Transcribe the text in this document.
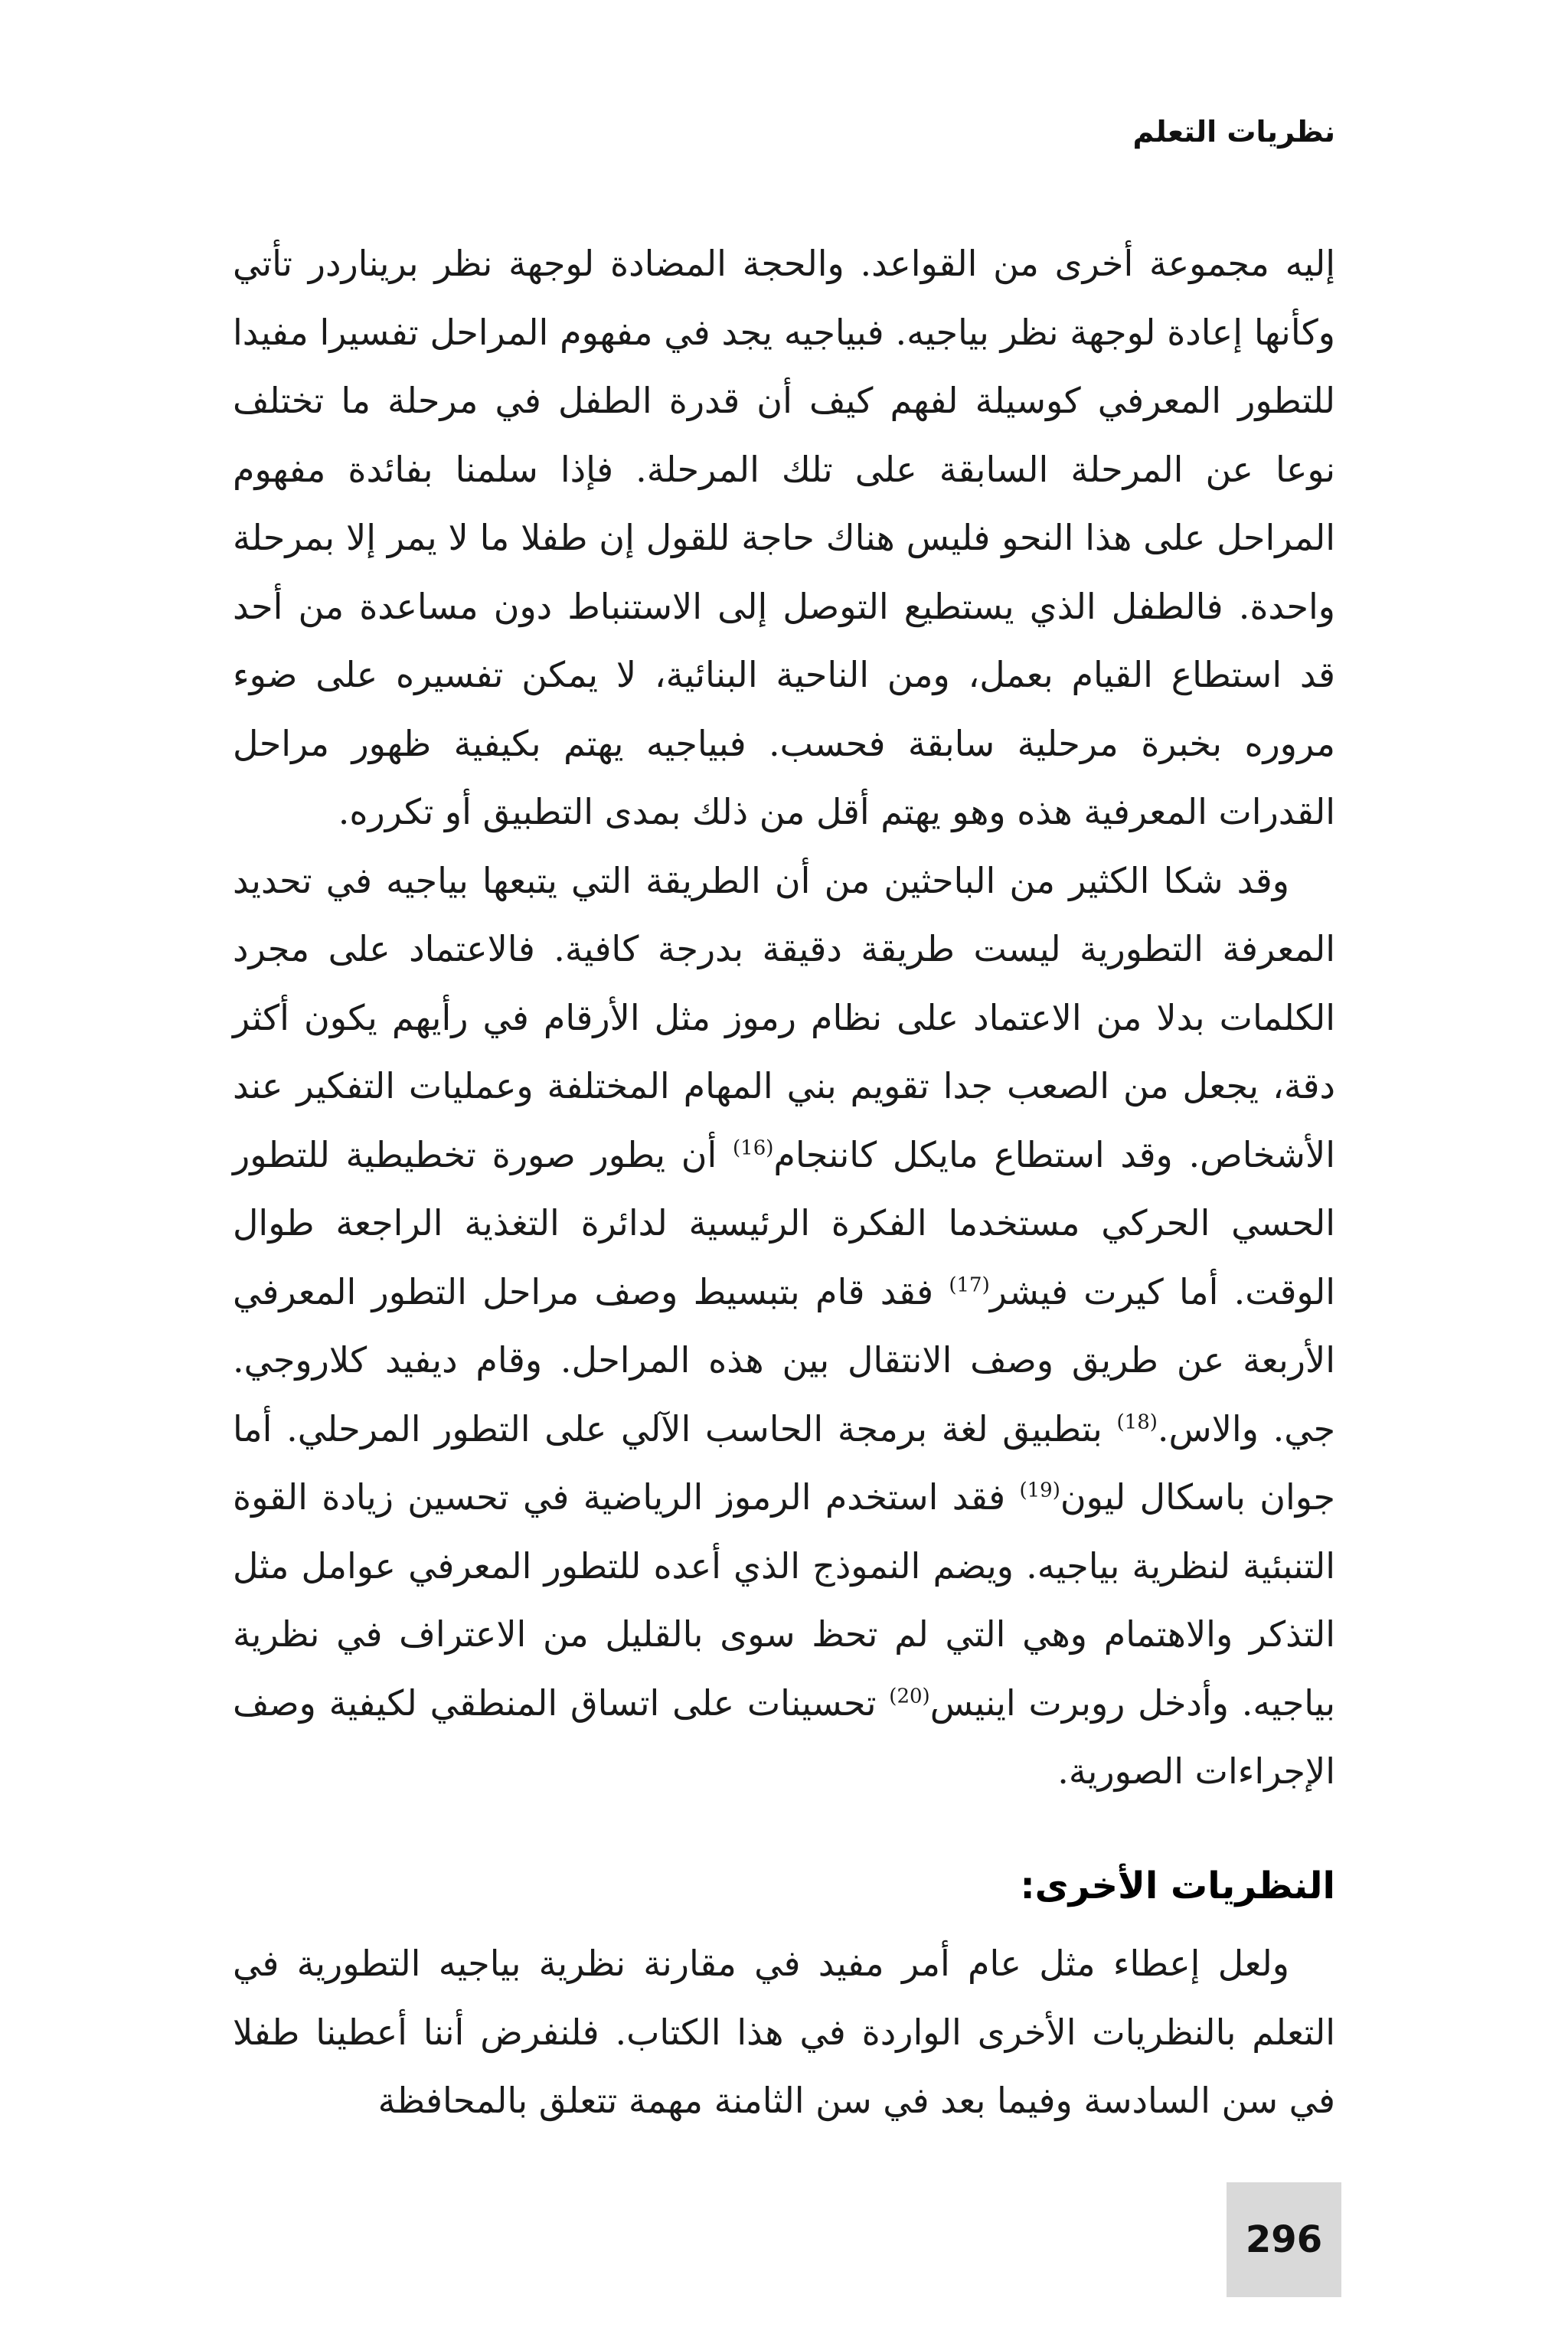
نظريات التعلم

إليه مجموعة أخرى من القواعد. والحجة المضادة لوجهة نظر بريناردر تأتي وكأنها إعادة لوجهة نظر بياجيه. فبياجيه يجد في مفهوم المراحل تفسيرا مفيدا للتطور المعرفي كوسيلة لفهم كيف أن قدرة الطفل في مرحلة ما تختلف نوعا عن المرحلة السابقة على تلك المرحلة. فإذا سلمنا بفائدة مفهوم المراحل على هذا النحو فليس هناك حاجة للقول إن طفلا ما لا يمر إلا بمرحلة واحدة. فالطفل الذي يستطيع التوصل إلى الاستنباط دون مساعدة من أحد قد استطاع القيام بعمل، ومن الناحية البنائية، لا يمكن تفسيره على ضوء مروره بخبرة مرحلية سابقة فحسب. فبياجيه يهتم بكيفية ظهور مراحل القدرات المعرفية هذه وهو يهتم أقل من ذلك بمدى التطبيق أو تكرره.

وقد شكا الكثير من الباحثين من أن الطريقة التي يتبعها بياجيه في تحديد المعرفة التطورية ليست طريقة دقيقة بدرجة كافية. فالاعتماد على مجرد الكلمات بدلا من الاعتماد على نظام رموز مثل الأرقام في رأيهم يكون أكثر دقة، يجعل من الصعب جدا تقويم بني المهام المختلفة وعمليات التفكير عند الأشخاص. وقد استطاع مايكل كاننجام$^{(16)}$ أن يطور صورة تخطيطية للتطور الحسي الحركي مستخدما الفكرة الرئيسية لدائرة التغذية الراجعة طوال الوقت. أما كيرت فيشر$^{(17)}$ فقد قام بتبسيط وصف مراحل التطور المعرفي الأربعة عن طريق وصف الانتقال بين هذه المراحل. وقام ديفيد كلاروجي. جي. والاس.$^{(18)}$ بتطبيق لغة برمجة الحاسب الآلي على التطور المرحلي. أما جوان باسكال ليون$^{(19)}$ فقد استخدم الرموز الرياضية في تحسين زيادة القوة التنبئية لنظرية بياجيه. ويضم النموذج الذي أعده للتطور المعرفي عوامل مثل التذكر والاهتمام وهي التي لم تحظ سوى بالقليل من الاعتراف في نظرية بياجيه. وأدخل روبرت اينيس$^{(20)}$ تحسينات على اتساق المنطقي لكيفية وصف الإجراءات الصورية.

النظريات الأخرى:

ولعل إعطاء مثل عام أمر مفيد في مقارنة نظرية بياجيه التطورية في التعلم بالنظريات الأخرى الواردة في هذا الكتاب. فلنفرض أننا أعطينا طفلا في سن السادسة وفيما بعد في سن الثامنة مهمة تتعلق بالمحافظة

296
